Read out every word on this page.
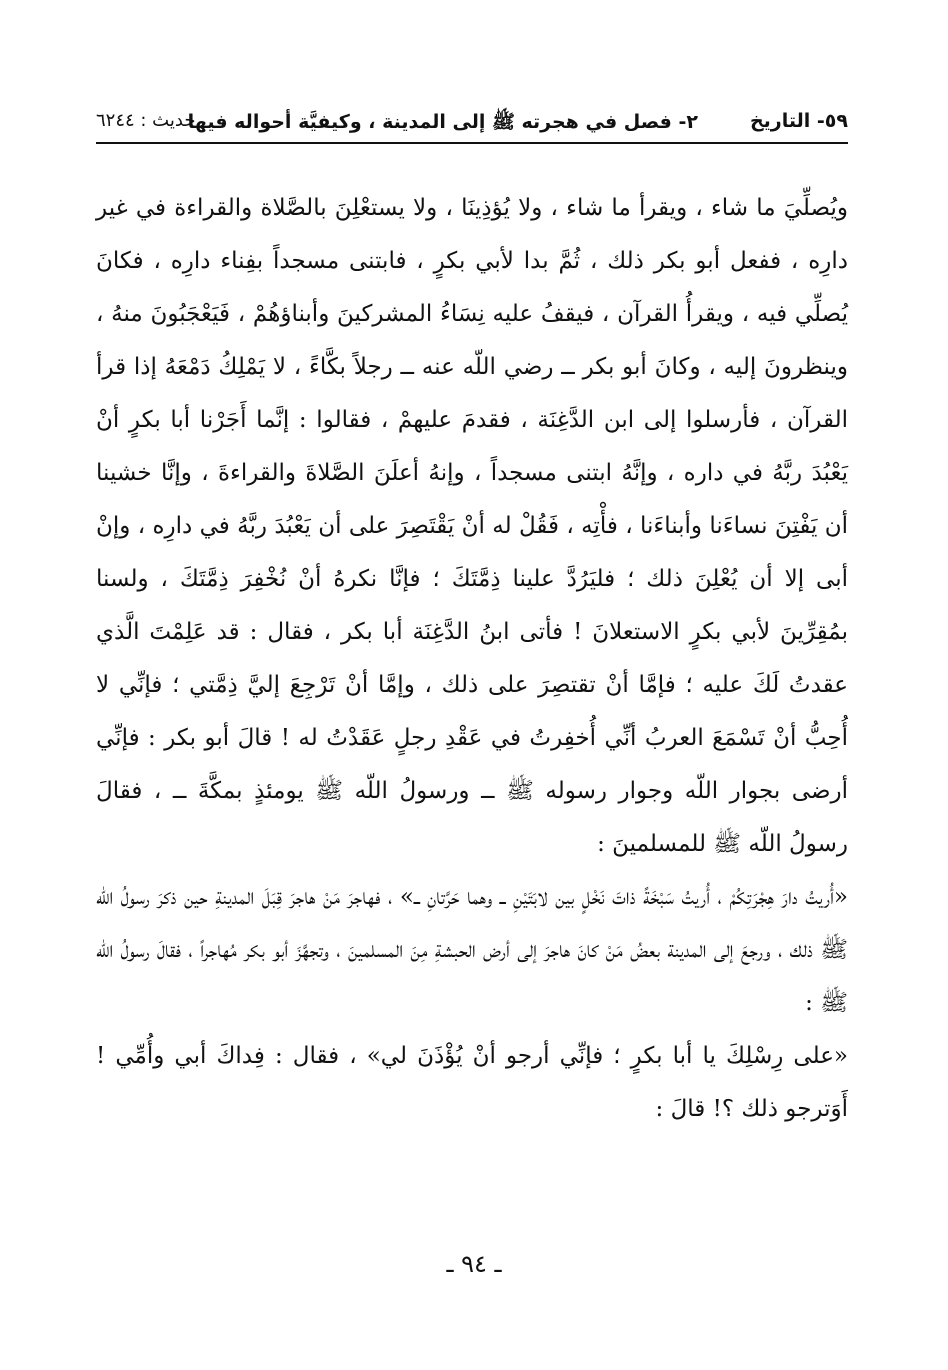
٥٩- التاريخ
٢- فصل في هجرته ﷺ إلى المدينة ، وكيفيَّة أحواله فيها
حديث : ٦٢٤٤

ويُصلِّيَ ما شاء ، ويقرأ ما شاء ، ولا يُؤذِينَا ، ولا يستعْلِنَ بالصَّلاة والقراءة في غير دارِه ، ففعل أبو بكر ذلك ، ثُمَّ بدا لأبي بكرٍ ، فابتنى مسجداً بفِناء دارِه ، فكانَ يُصلِّي فيه ، ويقرأُ القرآن ، فيقفُ عليه نِسَاءُ المشركينَ وأبناؤهُمْ ، فَيَعْجَبُونَ منهُ ، وينظرونَ إليه ، وكانَ أبو بكر ــ رضي اللّه عنه ــ رجلاً بكَّاءً ، لا يَمْلِكُ دَمْعَهُ إذا قرأ القرآن ، فأرسلوا إلى ابن الدَّغِنَة ، فقدمَ عليهمْ ، فقالوا : إنَّما أَجَرْنا أبا بكرٍ أنْ يَعْبُدَ ربَّهُ في داره ، وإنَّهُ ابتنى مسجداً ، وإنهُ أعلَنَ الصَّلاةَ والقراءةَ ، وإنَّا خشينا أن يَفْتِنَ نساءَنا وأبناءَنا ، فأْتِه ، فَقُلْ له أنْ يَقْتَصِرَ على أن يَعْبُدَ ربَّهُ في دارِه ، وإنْ أبى إلا أن يُعْلِنَ ذلك ؛ فليَرُدَّ علينا ذِمَّتَكَ ؛ فإنَّا نكرهُ أنْ نُخْفِرَ ذِمَّتَكَ ، ولسنا بمُقِرِّينَ لأبي بكرٍ الاستعلانَ ! فأتى ابنُ الدَّغِنَة أبا بكر ، فقال : قد عَلِمْتَ الَّذي عقدتُ لَكَ عليه ؛ فإمَّا أنْ تقتصِرَ على ذلك ، وإمَّا أنْ تَرْجِعَ إليَّ ذِمَّتي ؛ فإنِّي لا أُحِبُّ أنْ تَسْمَعَ العربُ أنِّي أُخفِرتُ في عَقْدِ رجلٍ عَقَدْتُ له ! قالَ أبو بكر : فإنِّي أرضى بجوار اللّه وجوار رسوله ﷺ ــ ورسولُ اللّه ﷺ يومئذٍ بمكَّةَ ــ ، فقالَ رسولُ اللّه ﷺ للمسلمينَ :

«أُريتُ دارَ هِجْرَتِكُمْ ، أُريتُ سَبْخَةً ذاتَ نَخْلٍ بين لابَتَيْنِ ــ وهما حَرَّتانِ ــ» ، فهاجرَ مَنْ هاجرَ قِبَلَ المدينةِ حين ذكرَ رسولُ اللّه ﷺ ذلك ، ورجعَ إلى المدينة بعضُ مَنْ كانَ هاجرَ إلى أرض الحبشةِ مِنَ المسلمينَ ، وتجهَّزَ أبو بكر مُهاجراً ، فقالَ رسولُ اللّه ﷺ :

«على رِسْلِكَ يا أبا بكرٍ ؛ فإنِّي أرجو أنْ يُؤْذَنَ لي» ، فقال : فِداكَ أبي وأُمِّي ! أَوَترجو ذلك ؟! قالَ :

ـ ٩٤ ـ
